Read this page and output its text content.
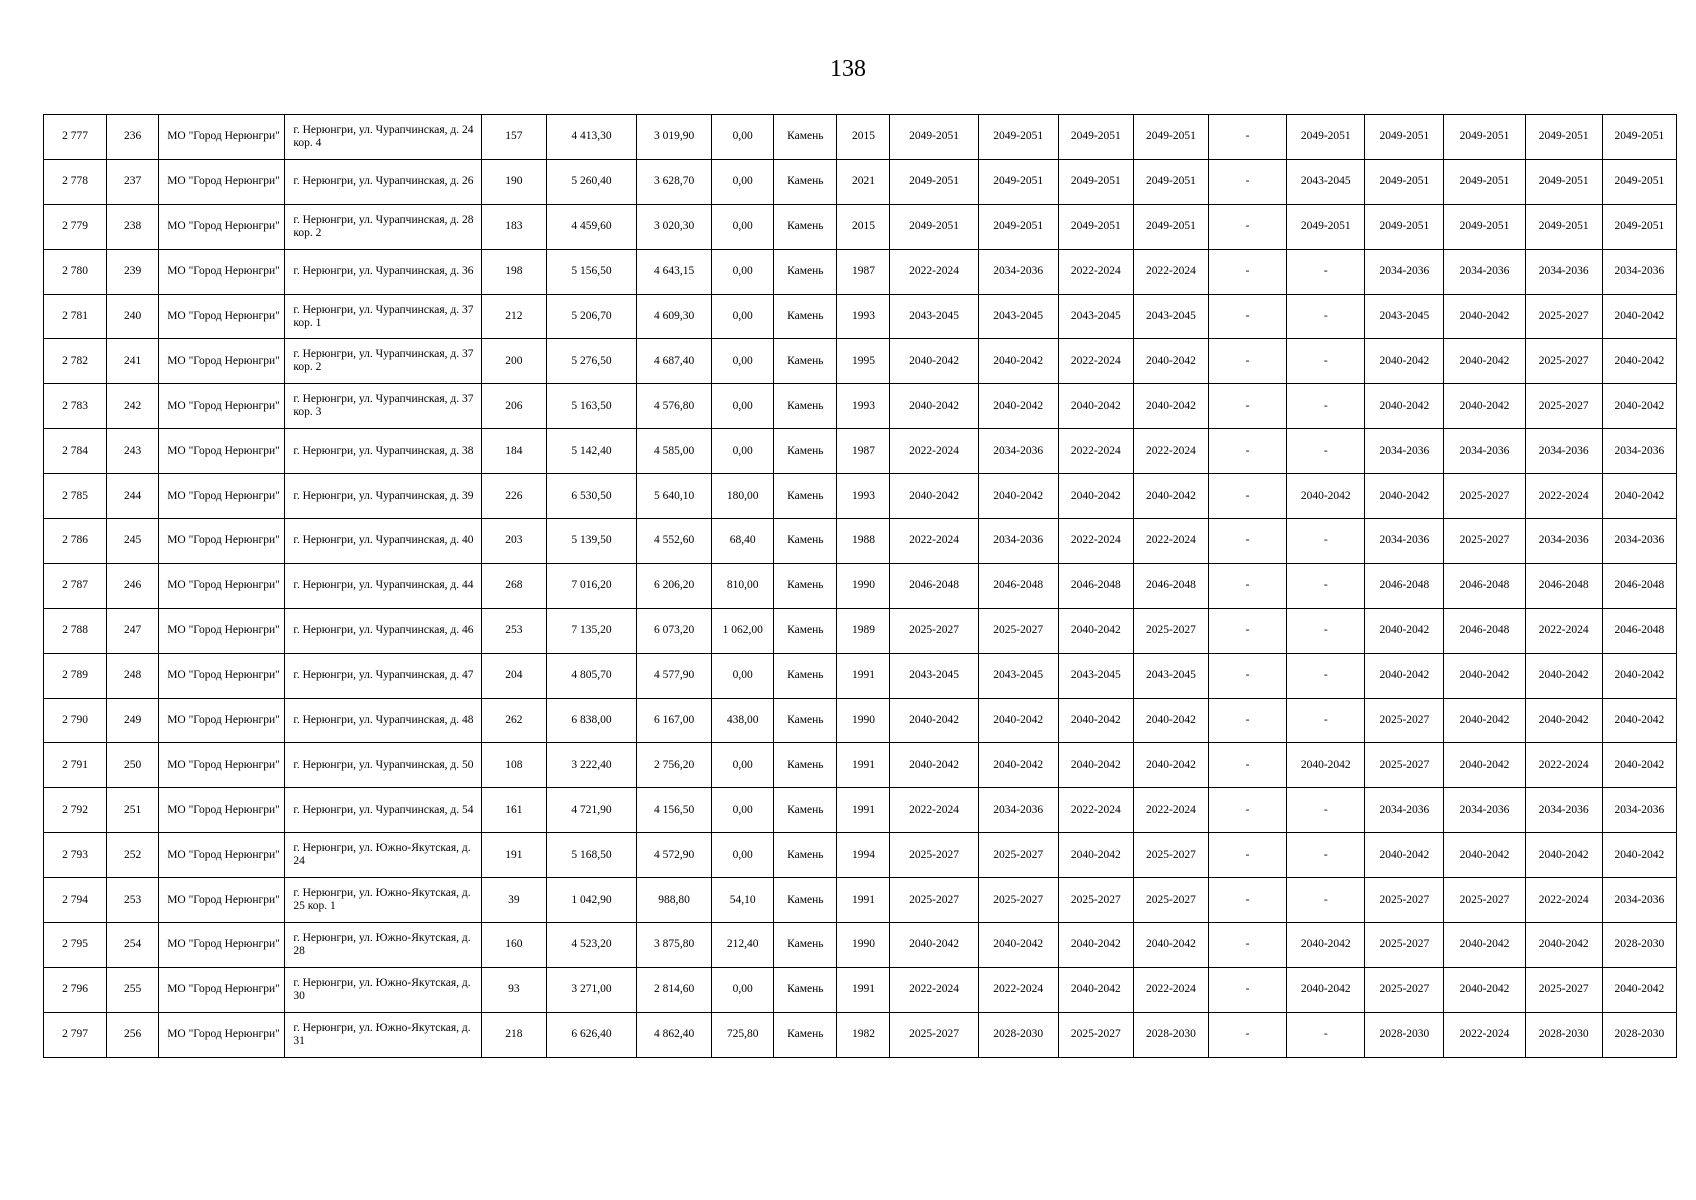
138
2 777	236	МО "Город Нерюнгри"	г. Нерюнгри, ул. Чурапчинская, д. 24 кор. 4	157	4 413,30	3 019,90	0,00	Камень	2015	2049-2051	2049-2051	2049-2051	2049-2051	-	2049-2051	2049-2051	2049-2051	2049-2051	2049-2051
2 778	237	МО "Город Нерюнгри"	г. Нерюнгри, ул. Чурапчинская, д. 26	190	5 260,40	3 628,70	0,00	Камень	2021	2049-2051	2049-2051	2049-2051	2049-2051	-	2043-2045	2049-2051	2049-2051	2049-2051	2049-2051
2 779	238	МО "Город Нерюнгри"	г. Нерюнгри, ул. Чурапчинская, д. 28 кор. 2	183	4 459,60	3 020,30	0,00	Камень	2015	2049-2051	2049-2051	2049-2051	2049-2051	-	2049-2051	2049-2051	2049-2051	2049-2051	2049-2051
2 780	239	МО "Город Нерюнгри"	г. Нерюнгри, ул. Чурапчинская, д. 36	198	5 156,50	4 643,15	0,00	Камень	1987	2022-2024	2034-2036	2022-2024	2022-2024	-	-	2034-2036	2034-2036	2034-2036	2034-2036
2 781	240	МО "Город Нерюнгри"	г. Нерюнгри, ул. Чурапчинская, д. 37 кор. 1	212	5 206,70	4 609,30	0,00	Камень	1993	2043-2045	2043-2045	2043-2045	2043-2045	-	-	2043-2045	2040-2042	2025-2027	2040-2042
2 782	241	МО "Город Нерюнгри"	г. Нерюнгри, ул. Чурапчинская, д. 37 кор. 2	200	5 276,50	4 687,40	0,00	Камень	1995	2040-2042	2040-2042	2022-2024	2040-2042	-	-	2040-2042	2040-2042	2025-2027	2040-2042
2 783	242	МО "Город Нерюнгри"	г. Нерюнгри, ул. Чурапчинская, д. 37 кор. 3	206	5 163,50	4 576,80	0,00	Камень	1993	2040-2042	2040-2042	2040-2042	2040-2042	-	-	2040-2042	2040-2042	2025-2027	2040-2042
2 784	243	МО "Город Нерюнгри"	г. Нерюнгри, ул. Чурапчинская, д. 38	184	5 142,40	4 585,00	0,00	Камень	1987	2022-2024	2034-2036	2022-2024	2022-2024	-	-	2034-2036	2034-2036	2034-2036	2034-2036
2 785	244	МО "Город Нерюнгри"	г. Нерюнгри, ул. Чурапчинская, д. 39	226	6 530,50	5 640,10	180,00	Камень	1993	2040-2042	2040-2042	2040-2042	2040-2042	-	2040-2042	2040-2042	2025-2027	2022-2024	2040-2042
2 786	245	МО "Город Нерюнгри"	г. Нерюнгри, ул. Чурапчинская, д. 40	203	5 139,50	4 552,60	68,40	Камень	1988	2022-2024	2034-2036	2022-2024	2022-2024	-	-	2034-2036	2025-2027	2034-2036	2034-2036
2 787	246	МО "Город Нерюнгри"	г. Нерюнгри, ул. Чурапчинская, д. 44	268	7 016,20	6 206,20	810,00	Камень	1990	2046-2048	2046-2048	2046-2048	2046-2048	-	-	2046-2048	2046-2048	2046-2048	2046-2048
2 788	247	МО "Город Нерюнгри"	г. Нерюнгри, ул. Чурапчинская, д. 46	253	7 135,20	6 073,20	1 062,00	Камень	1989	2025-2027	2025-2027	2040-2042	2025-2027	-	-	2040-2042	2046-2048	2022-2024	2046-2048
2 789	248	МО "Город Нерюнгри"	г. Нерюнгри, ул. Чурапчинская, д. 47	204	4 805,70	4 577,90	0,00	Камень	1991	2043-2045	2043-2045	2043-2045	2043-2045	-	-	2040-2042	2040-2042	2040-2042	2040-2042
2 790	249	МО "Город Нерюнгри"	г. Нерюнгри, ул. Чурапчинская, д. 48	262	6 838,00	6 167,00	438,00	Камень	1990	2040-2042	2040-2042	2040-2042	2040-2042	-	-	2025-2027	2040-2042	2040-2042	2040-2042
2 791	250	МО "Город Нерюнгри"	г. Нерюнгри, ул. Чурапчинская, д. 50	108	3 222,40	2 756,20	0,00	Камень	1991	2040-2042	2040-2042	2040-2042	2040-2042	-	2040-2042	2025-2027	2040-2042	2022-2024	2040-2042
2 792	251	МО "Город Нерюнгри"	г. Нерюнгри, ул. Чурапчинская, д. 54	161	4 721,90	4 156,50	0,00	Камень	1991	2022-2024	2034-2036	2022-2024	2022-2024	-	-	2034-2036	2034-2036	2034-2036	2034-2036
2 793	252	МО "Город Нерюнгри"	г. Нерюнгри, ул. Южно-Якутская, д. 24	191	5 168,50	4 572,90	0,00	Камень	1994	2025-2027	2025-2027	2040-2042	2025-2027	-	-	2040-2042	2040-2042	2040-2042	2040-2042
2 794	253	МО "Город Нерюнгри"	г. Нерюнгри, ул. Южно-Якутская, д. 25 кор. 1	39	1 042,90	988,80	54,10	Камень	1991	2025-2027	2025-2027	2025-2027	2025-2027	-	-	2025-2027	2025-2027	2022-2024	2034-2036
2 795	254	МО "Город Нерюнгри"	г. Нерюнгри, ул. Южно-Якутская, д. 28	160	4 523,20	3 875,80	212,40	Камень	1990	2040-2042	2040-2042	2040-2042	2040-2042	-	2040-2042	2025-2027	2040-2042	2040-2042	2028-2030
2 796	255	МО "Город Нерюнгри"	г. Нерюнгри, ул. Южно-Якутская, д. 30	93	3 271,00	2 814,60	0,00	Камень	1991	2022-2024	2022-2024	2040-2042	2022-2024	-	2040-2042	2025-2027	2040-2042	2025-2027	2040-2042
2 797	256	МО "Город Нерюнгри"	г. Нерюнгри, ул. Южно-Якутская, д. 31	218	6 626,40	4 862,40	725,80	Камень	1982	2025-2027	2028-2030	2025-2027	2028-2030	-	-	2028-2030	2022-2024	2028-2030	2028-2030
